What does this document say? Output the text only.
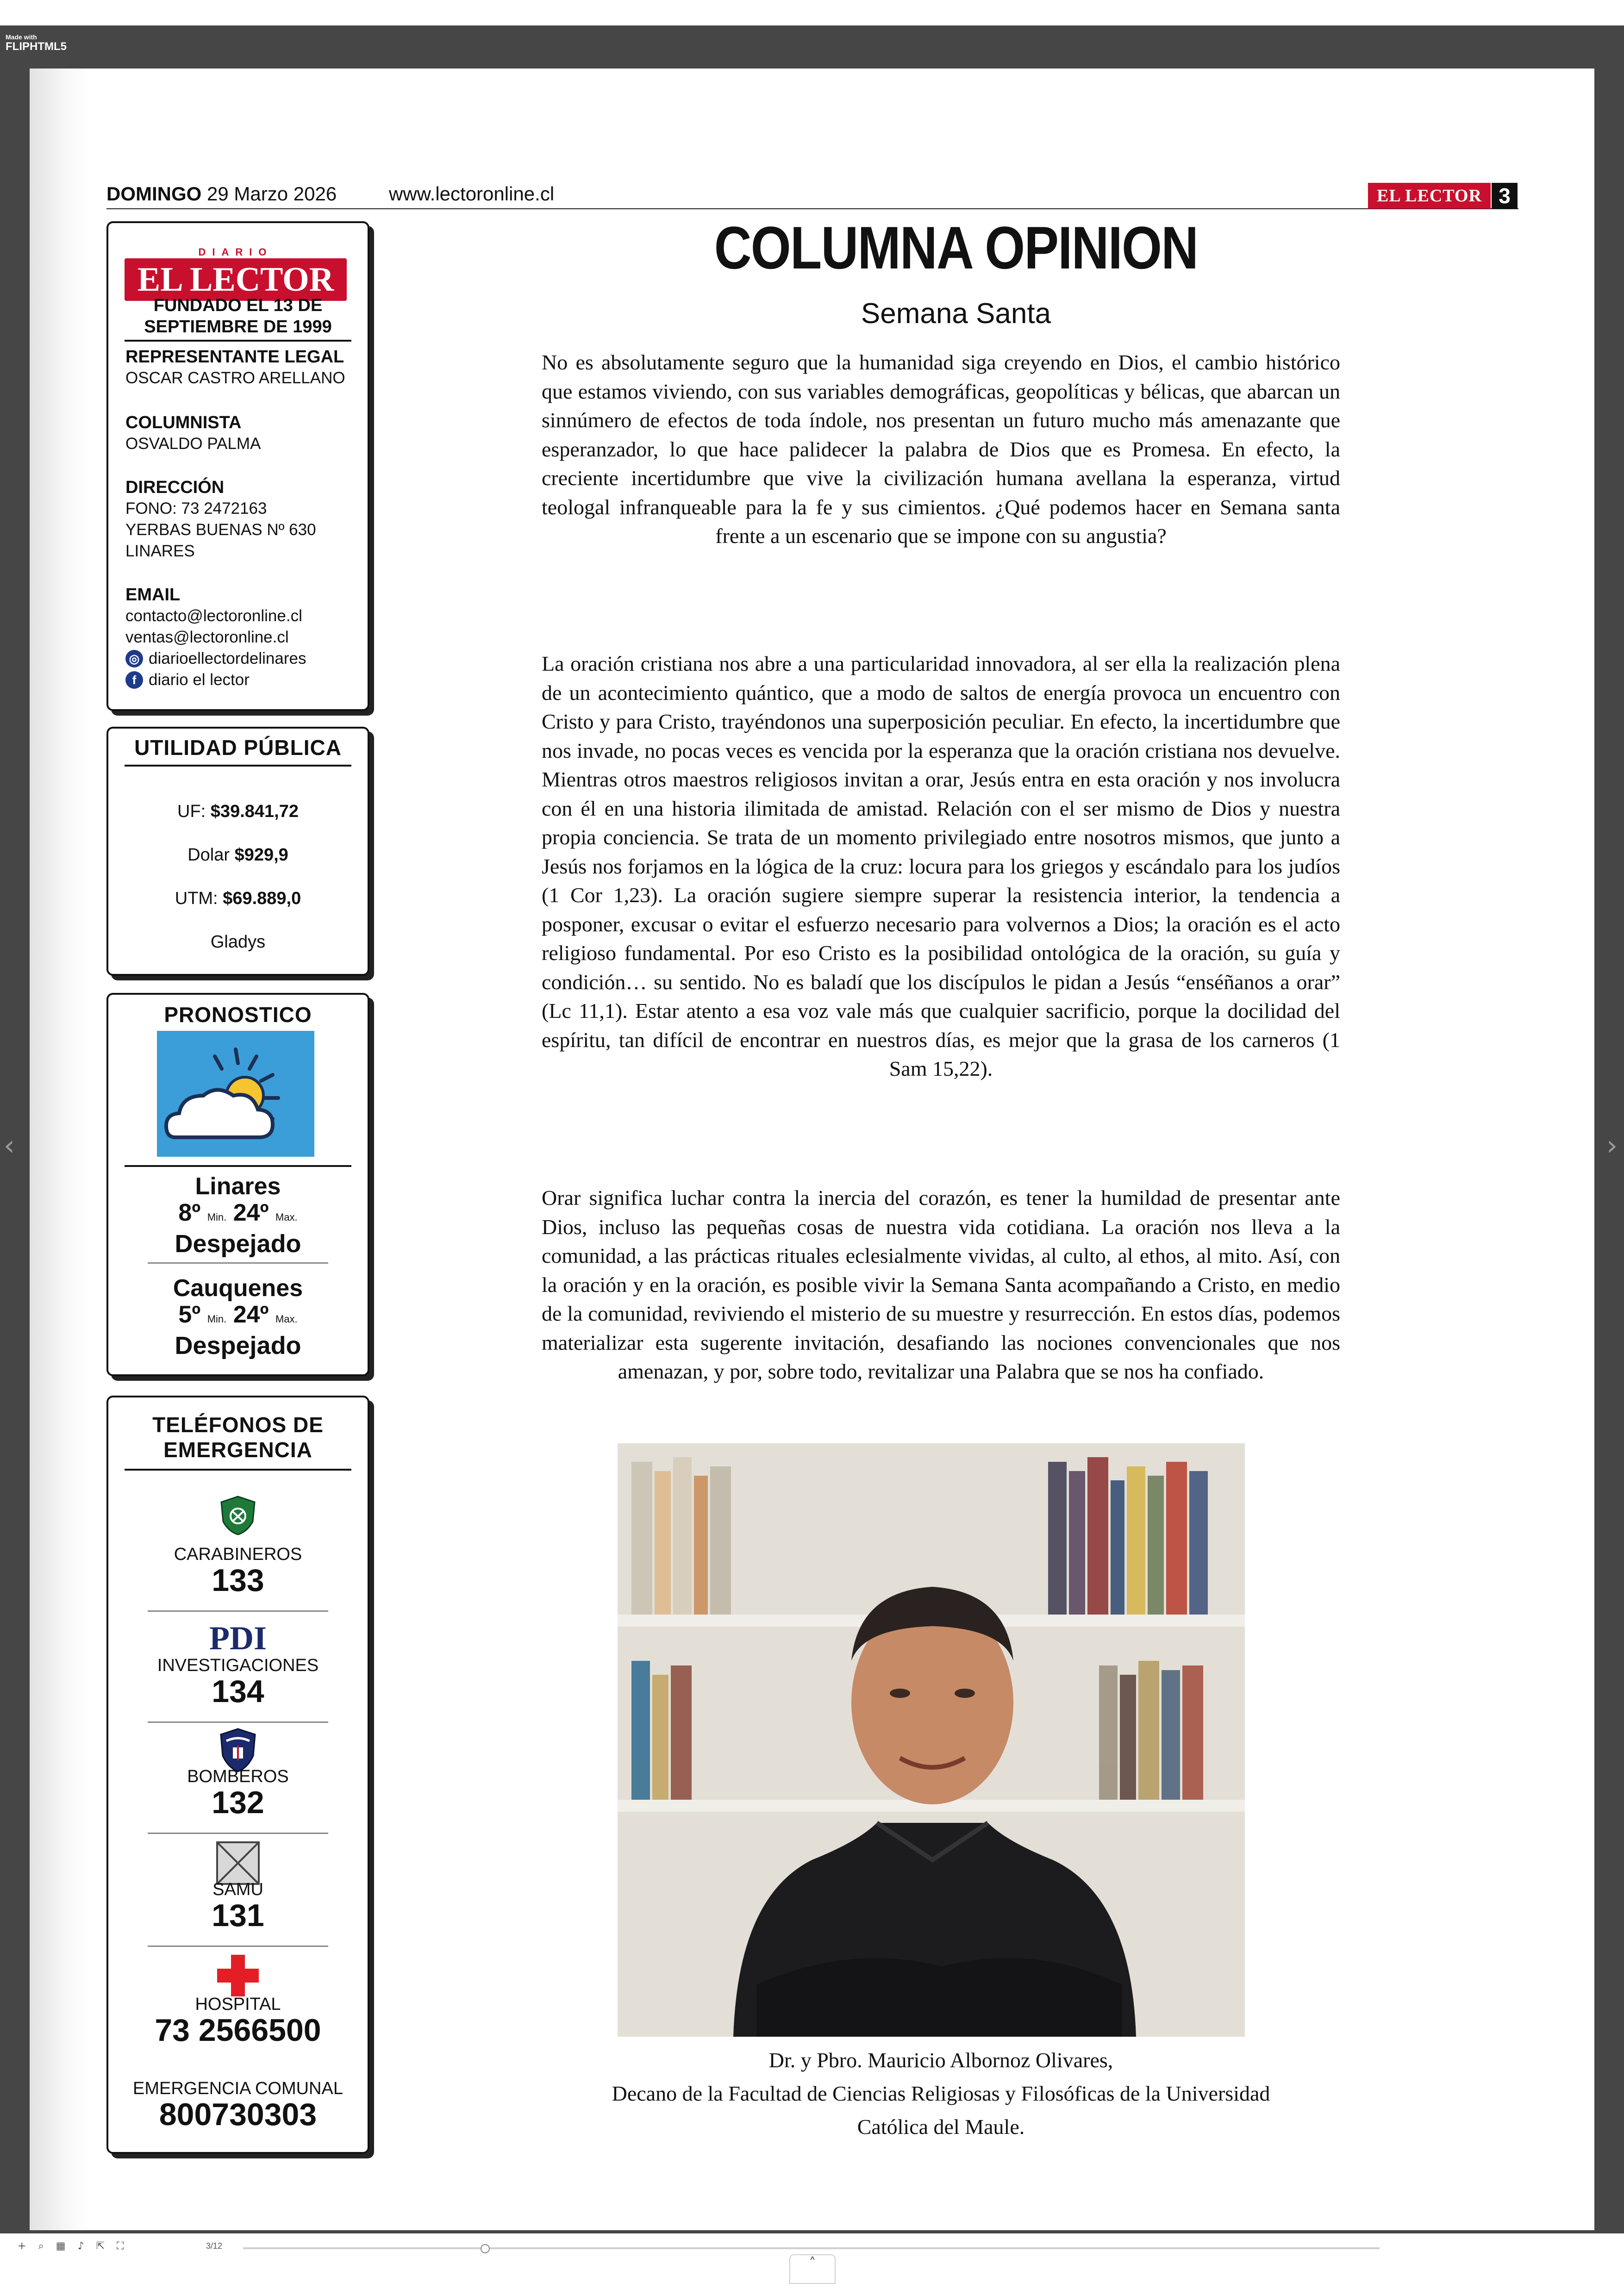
Made with
FLIPHTML5
‹	›
DOMINGO 29 Marzo 2026	www.lectoronline.cl	EL LECTOR 3
DIARIO
EL LECTOR
FUNDADO EL 13 DE
SEPTIEMBRE DE 1999
REPRESENTANTE LEGAL
OSCAR CASTRO ARELLANO
COLUMNISTA
OSVALDO PALMA
DIRECCIÓN
FONO: 73 2472163
YERBAS BUENAS Nº 630
LINARES
EMAIL
contacto@lectoronline.cl
ventas@lectoronline.cl
◎ diarioellectordelinares
f diario el lector
UTILIDAD PÚBLICA
UF: $39.841,72
Dolar $929,9
UTM: $69.889,0
Gladys
PRONOSTICO
Linares
8º Min. 24º Max.
Despejado
Cauquenes
5º Min. 24º Max.
Despejado
TELÉFONOS DE
EMERGENCIA
CARABINEROS
133
PDI
INVESTIGACIONES
134
BOMBEROS
132
SAMU
131
HOSPITAL
73 2566500
EMERGENCIA COMUNAL
800730303
COLUMNA OPINION
Semana Santa
No es absolutamente seguro que la humanidad siga creyendo en Dios, el cambio histórico que estamos viviendo, con sus variables demográficas, geopolíticas y bélicas, que abarcan un sinnúmero de efectos de toda índole, nos presentan un futuro mucho más amenazante que esperanzador, lo que hace palidecer la palabra de Dios que es Promesa. En efecto, la creciente incertidumbre que vive la civilización humana avellana la esperanza, virtud teologal infranqueable para la fe y sus cimientos. ¿Qué podemos hacer en Semana santa frente a un escenario que se impone con su angustia?
La oración cristiana nos abre a una particularidad innovadora, al ser ella la realización plena de un acontecimiento quántico, que a modo de saltos de energía provoca un encuentro con Cristo y para Cristo, trayéndonos una superposición peculiar. En efecto, la incertidumbre que nos invade, no pocas veces es vencida por la esperanza que la oración cristiana nos devuelve. Mientras otros maestros religiosos invitan a orar, Jesús entra en esta oración y nos involucra con él en una historia ilimitada de amistad. Relación con el ser mismo de Dios y nuestra propia conciencia. Se trata de un momento privilegiado entre nosotros mismos, que junto a Jesús nos forjamos en la lógica de la cruz: locura para los griegos y escándalo para los judíos (1 Cor 1,23). La oración sugiere siempre superar la resistencia interior, la tendencia a posponer, excusar o evitar el esfuerzo necesario para volvernos a Dios; la oración es el acto religioso fundamental. Por eso Cristo es la posibilidad ontológica de la oración, su guía y condición… su sentido. No es baladí que los discípulos le pidan a Jesús “enséñanos a orar” (Lc 11,1). Estar atento a esa voz vale más que cualquier sacrificio, porque la docilidad del espíritu, tan difícil de encontrar en nuestros días, es mejor que la grasa de los carneros (1 Sam 15,22).
Orar significa luchar contra la inercia del corazón, es tener la humildad de presentar ante Dios, incluso las pequeñas cosas de nuestra vida cotidiana. La oración nos lleva a la comunidad, a las prácticas rituales eclesialmente vividas, al culto, al ethos, al mito. Así, con la oración y en la oración, es posible vivir la Semana Santa acompañando a Cristo, en medio de la comunidad, reviviendo el misterio de su muestre y resurrección. En estos días, podemos materializar esta sugerente invitación, desafiando las nociones convencionales que nos amenazan, y por, sobre todo, revitalizar una Palabra que se nos ha confiado.
Dr. y Pbro. Mauricio Albornoz Olivares,
Decano de la Facultad de Ciencias Religiosas y Filosóficas de la Universidad
Católica del Maule.
+ ⌕ ▦ ♪ ⇱ ⛶	3/12
˄
